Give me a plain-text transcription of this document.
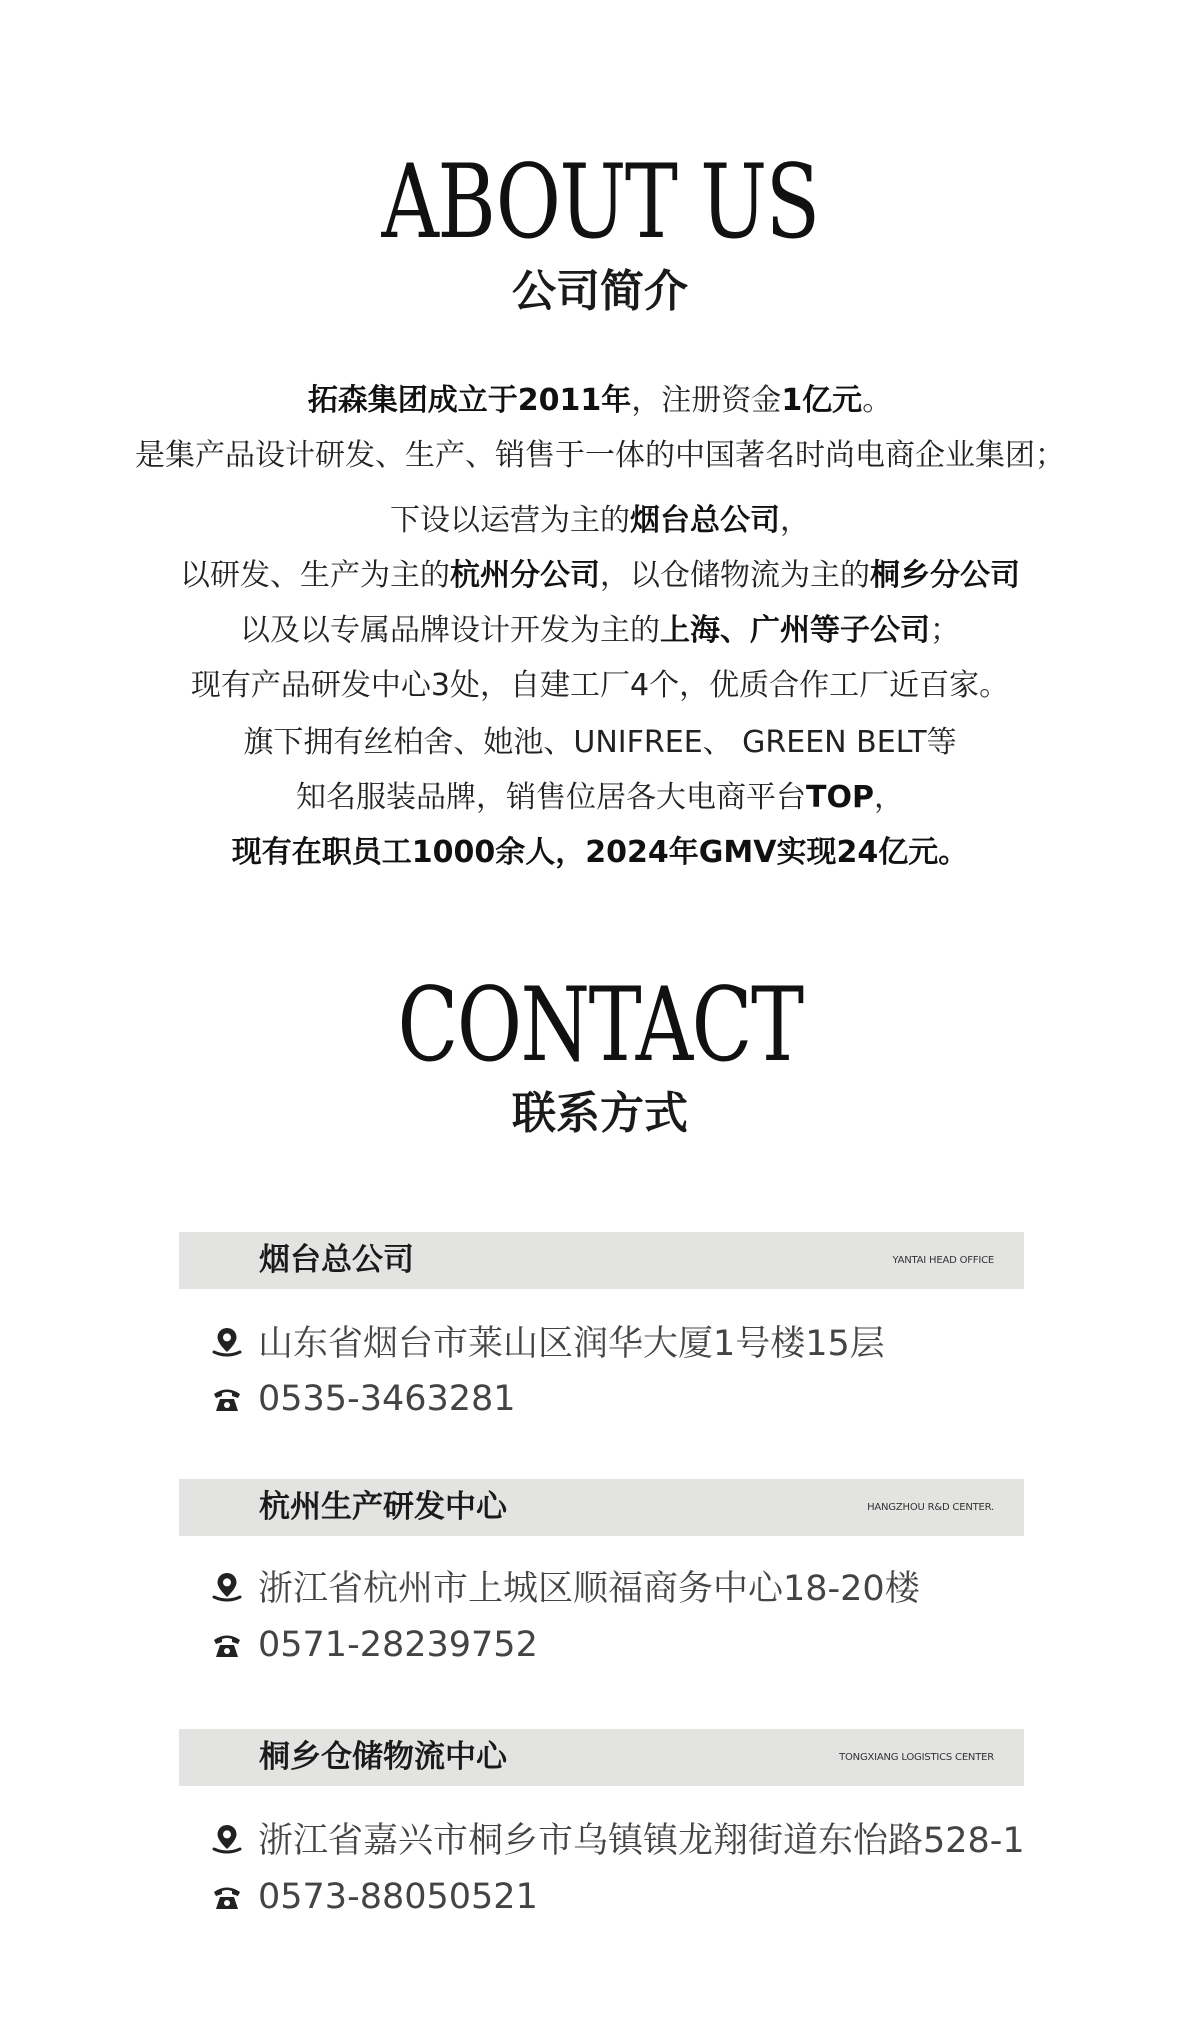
ABOUT US
公司简介

拓森集团成立于2011年，注册资金1亿元。

是集产品设计研发、生产、销售于一体的中国著名时尚电商企业集团；

下设以运营为主的烟台总公司，

以研发、生产为主的杭州分公司，以仓储物流为主的桐乡分公司

以及以专属品牌设计开发为主的上海、广州等子公司；

现有产品研发中心3处，自建工厂4个，优质合作工厂近百家。

旗下拥有丝柏舍、她池、UNIFREE、 GREEN BELT等

知名服装品牌，销售位居各大电商平台TOP，

现有在职员工1000余人，2024年GMV实现24亿元。

CONTACT
联系方式
烟台总公司	YANTAI HEAD OFFICE
山东省烟台市莱山区润华大厦1号楼15层
0535-3463281
杭州生产研发中心	HANGZHOU R&D CENTER.
浙江省杭州市上城区顺福商务中心18-20楼
0571-28239752
桐乡仓储物流中心	TONGXIANG LOGISTICS CENTER
浙江省嘉兴市桐乡市乌镇镇龙翔街道东怡路528-1
0573-88050521
